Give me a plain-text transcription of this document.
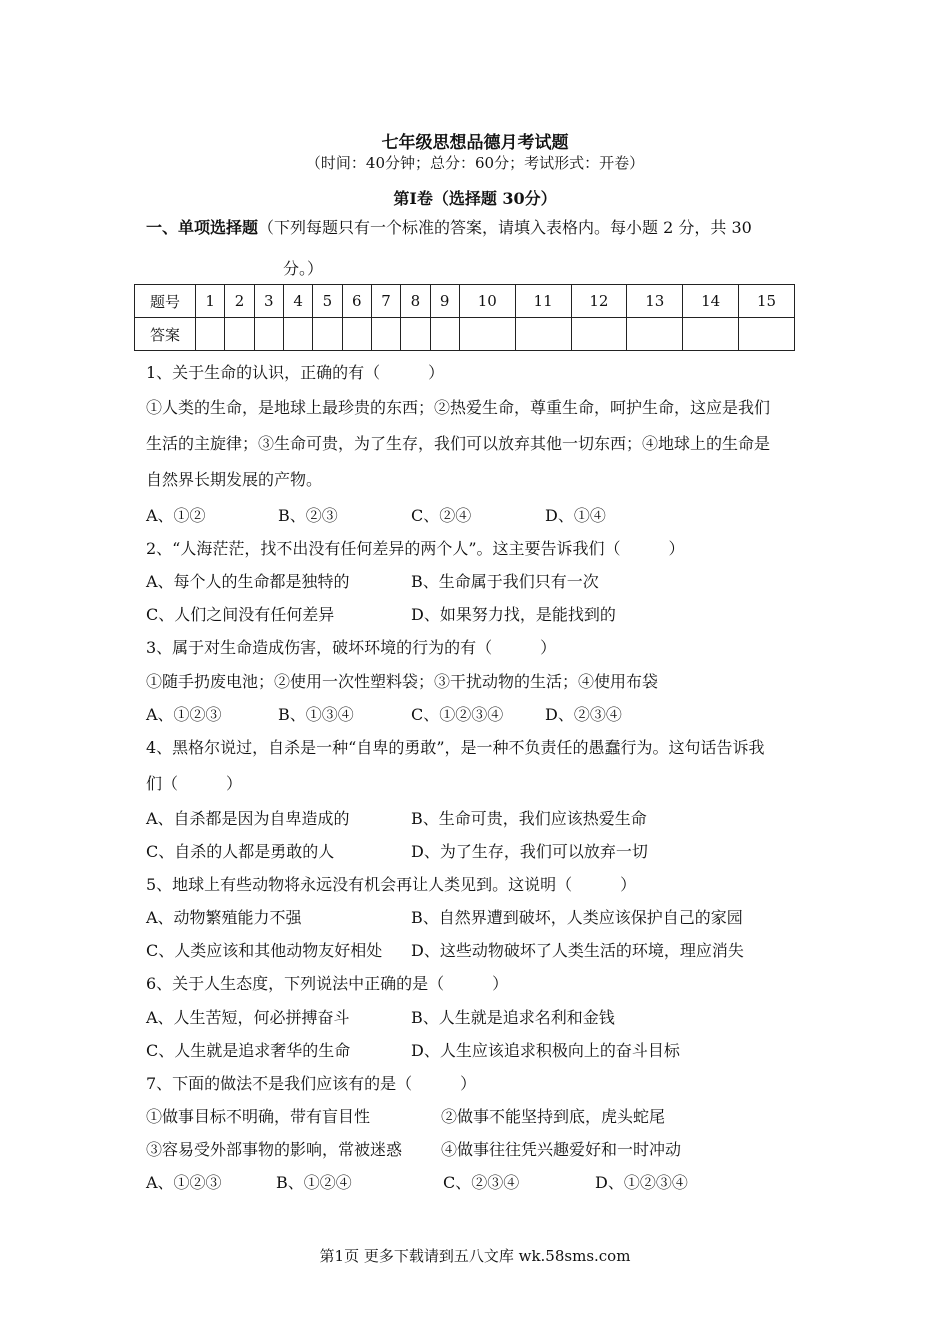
七年级思想品德月考试题
（时间：40分钟；总分：60分；考试形式：开卷）
第Ⅰ卷（选择题 30分）
一、单项选择题（下列每题只有一个标准的答案，请填入表格内。每小题 2 分，共 30
分。）
题号	1	2	3	4	5	6	7	8	9	10	11	12	13	14	15
答案															
1、关于生命的认识，正确的有（　　　）
①人类的生命，是地球上最珍贵的东西；②热爱生命，尊重生命，呵护生命，这应是我们
生活的主旋律；③生命可贵，为了生存，我们可以放弃其他一切东西；④地球上的生命是
自然界长期发展的产物。
A、①②	B、②③	C、②④	D、①④
2、“人海茫茫，找不出没有任何差异的两个人”。这主要告诉我们（　　　）
A、每个人的生命都是独特的	B、生命属于我们只有一次
C、人们之间没有任何差异	D、如果努力找，是能找到的
3、属于对生命造成伤害，破坏环境的行为的有（　　　）
①随手扔废电池；②使用一次性塑料袋；③干扰动物的生活；④使用布袋
A、①②③	B、①③④	C、①②③④	D、②③④
4、黑格尔说过，自杀是一种“自卑的勇敢”，是一种不负责任的愚蠢行为。这句话告诉我
们（　　　）
A、自杀都是因为自卑造成的	B、生命可贵，我们应该热爱生命
C、自杀的人都是勇敢的人	D、为了生存，我们可以放弃一切
5、地球上有些动物将永远没有机会再让人类见到。这说明（　　　）
A、动物繁殖能力不强	B、自然界遭到破坏，人类应该保护自己的家园
C、人类应该和其他动物友好相处 D、这些动物破坏了人类生活的环境，理应消失
6、关于人生态度，下列说法中正确的是（　　　）
A、人生苦短，何必拼搏奋斗	B、人生就是追求名利和金钱
C、人生就是追求奢华的生命	D、人生应该追求积极向上的奋斗目标
7、下面的做法不是我们应该有的是（　　　）
①做事目标不明确，带有盲目性	②做事不能坚持到底，虎头蛇尾
③容易受外部事物的影响，常被迷惑 ④做事往往凭兴趣爱好和一时冲动
A、①②③	B、①②④	C、②③④	D、①②③④
第1页 更多下载请到五八文库 wk.58sms.com
